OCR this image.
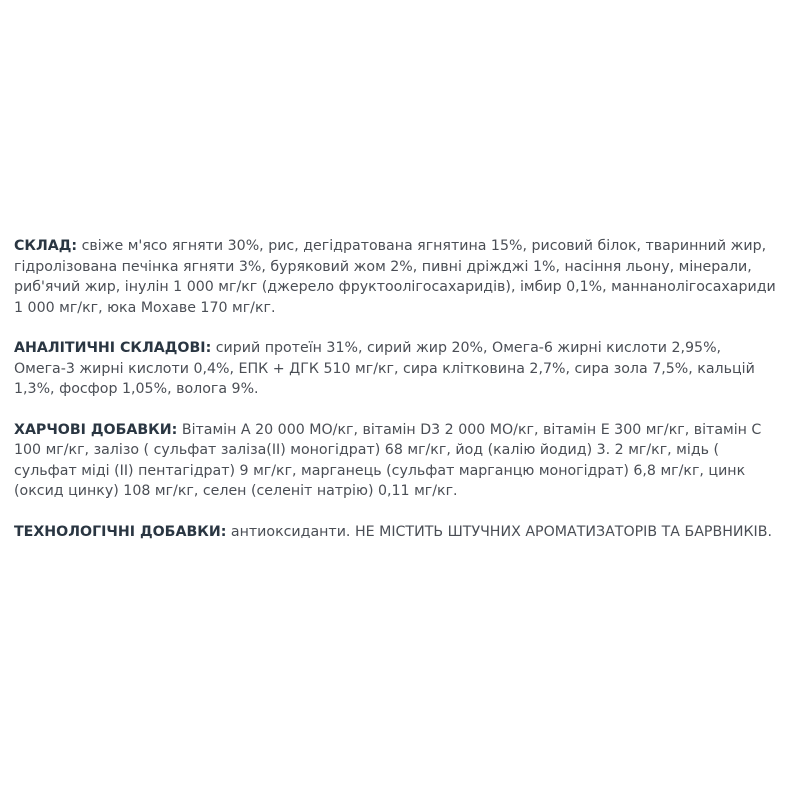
СКЛАД: свіже м'ясо ягняти 30%, рис, дегідратована ягнятина 15%, рисовий білок, тваринний жир, гідролізована печінка ягняти 3%, буряковий жом 2%, пивні дріжджі 1%, насіння льону, мінерали, риб'ячий жир, інулін 1 000 мг/кг (джерело фруктоолігосахаридів), імбир 0,1%, маннанолігосахариди 1 000 мг/кг, юка Мохаве 170 мг/кг.

АНАЛІТИЧНІ СКЛАДОВІ: сирий протеїн 31%, сирий жир 20%, Омега-6 жирні кислоти 2,95%, Омега-3 жирні кислоти 0,4%, ЕПК + ДГК 510 мг/кг, сира клітковина 2,7%, сира зола 7,5%, кальцій 1,3%, фосфор 1,05%, волога 9%.

ХАРЧОВІ ДОБАВКИ: Вітамін А 20 000 МО/кг, вітамін D3 2 000 МО/кг, вітамін Е 300 мг/кг, вітамін С 100 мг/кг, залізо ( сульфат заліза(II) моногідрат) 68 мг/кг, йод (калію йодид) 3. 2 мг/кг, мідь ( сульфат міді (II) пентагідрат) 9 мг/кг, марганець (сульфат марганцю моногідрат) 6,8 мг/кг, цинк (оксид цинку) 108 мг/кг, селен (селеніт натрію) 0,11 мг/кг.

ТЕХНОЛОГІЧНІ ДОБАВКИ: антиоксиданти. НЕ МІСТИТЬ ШТУЧНИХ АРОМАТИЗАТОРІВ ТА БАРВНИКІВ.
